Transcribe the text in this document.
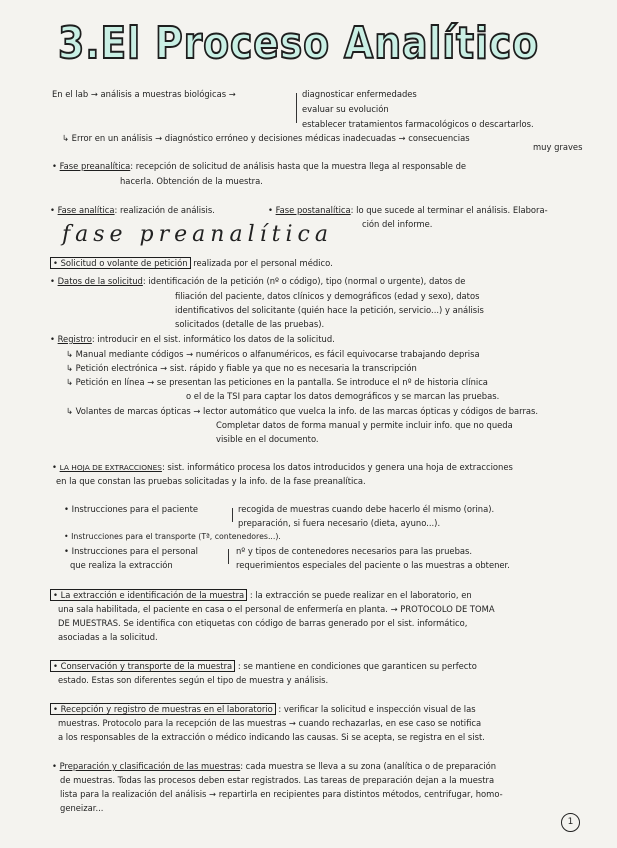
3.El Proceso Analítico
En el lab → análisis a muestras biológicas →	diagnosticar enfermedades
evaluar su evolución
establecer tratamientos farmacológicos o descartarlos.
↳ Error en un análisis → diagnóstico erróneo y decisiones médicas inadecuadas → consecuencias
muy graves
• Fase preanalítica: recepción de solicitud de análisis hasta que la muestra llega al responsable de
hacerla. Obtención de la muestra.
• Fase analítica: realización de análisis.	• Fase postanalítica: lo que sucede al terminar el análisis. Elabora-
ción del informe.
fase preanalítica
• Solicitud o volante de petición realizada por el personal médico.
• Datos de la solicitud: identificación de la petición (nº o código), tipo (normal o urgente), datos de
filiación del paciente, datos clínicos y demográficos (edad y sexo), datos
identificativos del solicitante (quién hace la petición, servicio...) y análisis
solicitados (detalle de las pruebas).
• Registro: introducir en el sist. informático los datos de la solicitud.
↳ Manual mediante códigos → numéricos o alfanuméricos, es fácil equivocarse trabajando deprisa
↳ Petición electrónica → sist. rápido y fiable ya que no es necesaria la transcripción
↳ Petición en línea → se presentan las peticiones en la pantalla. Se introduce el nº de historia clínica
o el de la TSI para captar los datos demográficos y se marcan las pruebas.
↳ Volantes de marcas ópticas → lector automático que vuelca la info. de las marcas ópticas y códigos de barras.
Completar datos de forma manual y permite incluir info. que no queda
visible en el documento.
• LA HOJA DE EXTRACCIONES: sist. informático procesa los datos introducidos y genera una hoja de extracciones
en la que constan las pruebas solicitadas y la info. de la fase preanalítica.
• Instrucciones para el paciente	recogida de muestras cuando debe hacerlo él mismo (orina).
preparación, si fuera necesario (dieta, ayuno...).
• Instrucciones para el transporte (Tª, contenedores...).
• Instrucciones para el personal
que realiza la extracción
nº y tipos de contenedores necesarios para las pruebas.
requerimientos especiales del paciente o las muestras a obtener.
• La extracción e identificación de la muestra : la extracción se puede realizar en el laboratorio, en
una sala habilitada, el paciente en casa o el personal de enfermería en planta. → PROTOCOLO DE TOMA
DE MUESTRAS. Se identifica con etiquetas con código de barras generado por el sist. informático,
asociadas a la solicitud.
• Conservación y transporte de la muestra : se mantiene en condiciones que garanticen su perfecto
estado. Estas son diferentes según el tipo de muestra y análisis.
• Recepción y registro de muestras en el laboratorio : verificar la solicitud e inspección visual de las
muestras. Protocolo para la recepción de las muestras → cuando rechazarlas, en ese caso se notifica
a los responsables de la extracción o médico indicando las causas. Si se acepta, se registra en el sist.
• Preparación y clasificación de las muestras: cada muestra se lleva a su zona (analítica o de preparación
de muestras. Todas las procesos deben estar registrados. Las tareas de preparación dejan a la muestra
lista para la realización del análisis → repartirla en recipientes para distintos métodos, centrifugar, homo-
geneizar...
1
